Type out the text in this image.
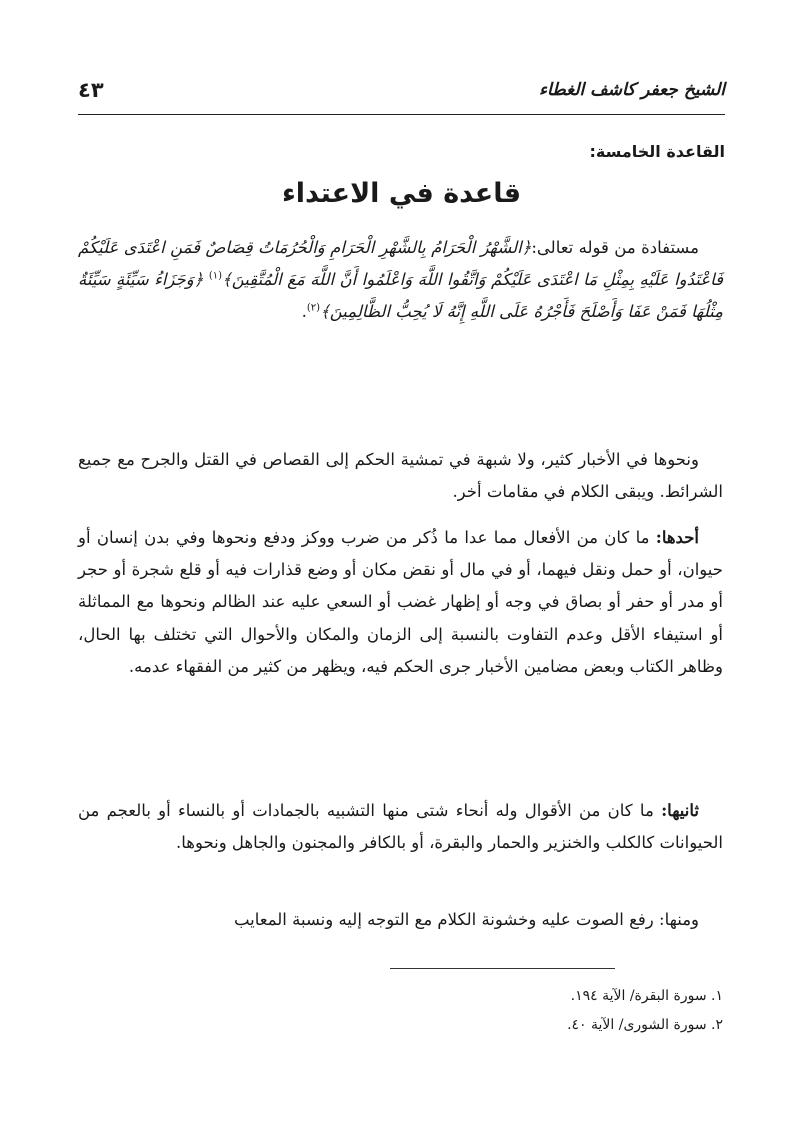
الشيخ جعفر كاشف الغطاء
٤٣
القاعدة الخامسة:
قاعدة في الاعتداء

مستفادة من قوله تعالى:﴿الشَّهْرُ الْحَرَامُ بِالشَّهْرِ الْحَرَامِ وَالْحُرُمَاتُ قِصَاصٌ فَمَنِ اعْتَدَى عَلَيْكُمْ فَاعْتَدُوا عَلَيْهِ بِمِثْلِ مَا اعْتَدَى عَلَيْكُمْ وَاتَّقُوا اللَّهَ وَاعْلَمُوا أَنَّ اللَّهَ مَعَ الْمُتَّقِينَ﴾$^{(١)}$ ﴿وَجَزَاءُ سَيِّئَةٍ سَيِّئَةٌ مِثْلُهَا فَمَنْ عَفَا وَأَصْلَحَ فَأَجْرُهُ عَلَى اللَّهِ إِنَّهُ لَا يُحِبُّ الظَّالِمِينَ﴾$^{(٢)}$.

ونحوها في الأخبار كثير، ولا شبهة في تمشية الحكم إلى القصاص في القتل والجرح مع جميع الشرائط. ويبقى الكلام في مقامات أخر.

أحدها: ما كان من الأفعال مما عدا ما ذُكر من ضرب ووكز ودفع ونحوها وفي بدن إنسان أو حيوان، أو حمل ونقل فيهما، أو في مال أو نقض مكان أو وضع قذارات فيه أو قلع شجرة أو حجر أو مدر أو حفر أو بصاق في وجه أو إظهار غضب أو السعي عليه عند الظالم ونحوها مع المماثلة أو استيفاء الأقل وعدم التفاوت بالنسبة إلى الزمان والمكان والأحوال التي تختلف بها الحال، وظاهر الكتاب وبعض مضامين الأخبار جرى الحكم فيه، ويظهر من كثير من الفقهاء عدمه.

ثانيها: ما كان من الأقوال وله أنحاء شتى منها التشبيه بالجمادات أو بالنساء أو بالعجم من الحيوانات كالكلب والخنزير والحمار والبقرة، أو بالكافر والمجنون والجاهل ونحوها.

ومنها: رفع الصوت عليه وخشونة الكلام مع التوجه إليه ونسبة المعايب

١. سورة البقرة/ الآية ١٩٤.
٢. سورة الشورى/ الآية ٤٠.
